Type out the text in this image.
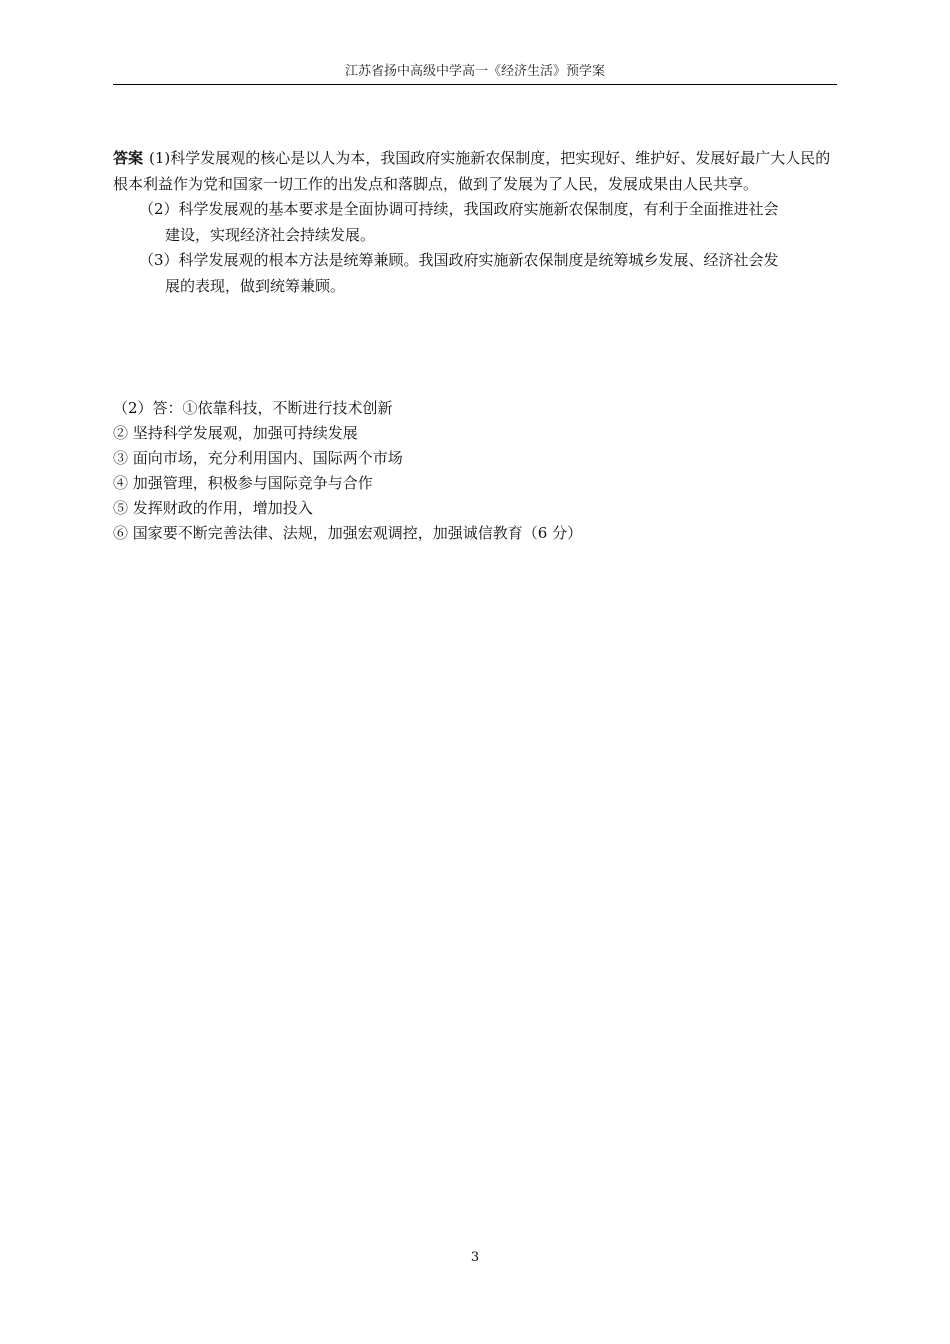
江苏省扬中高级中学高一《经济生活》预学案

答案 (1)科学发展观的核心是以人为本，我国政府实施新农保制度，把实现好、维护好、发展好最广大人民的根本利益作为党和国家一切工作的出发点和落脚点，做到了发展为了人民，发展成果由人民共享。

（2）科学发展观的基本要求是全面协调可持续，我国政府实施新农保制度，有利于全面推进社会
建设，实现经济社会持续发展。

（3）科学发展观的根本方法是统筹兼顾。我国政府实施新农保制度是统筹城乡发展、经济社会发
展的表现，做到统筹兼顾。

（2）答：①依靠科技，不断进行技术创新
② 坚持科学发展观，加强可持续发展
③ 面向市场，充分利用国内、国际两个市场
④ 加强管理，积极参与国际竞争与合作
⑤ 发挥财政的作用，增加投入
⑥ 国家要不断完善法律、法规，加强宏观调控，加强诚信教育（6 分）
3
